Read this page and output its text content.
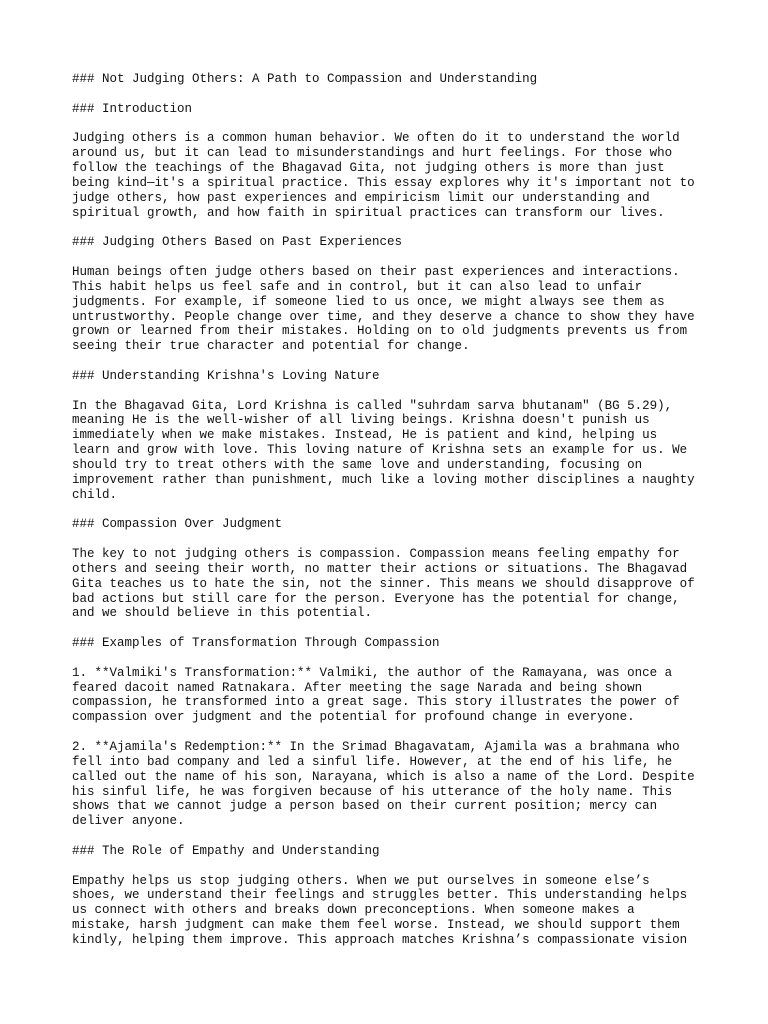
### Not Judging Others: A Path to Compassion and Understanding
### Introduction
Judging others is a common human behavior. We often do it to understand the world
around us, but it can lead to misunderstandings and hurt feelings. For those who
follow the teachings of the Bhagavad Gita, not judging others is more than just
being kind—it's a spiritual practice. This essay explores why it's important not to
judge others, how past experiences and empiricism limit our understanding and
spiritual growth, and how faith in spiritual practices can transform our lives.
### Judging Others Based on Past Experiences
Human beings often judge others based on their past experiences and interactions.
This habit helps us feel safe and in control, but it can also lead to unfair
judgments. For example, if someone lied to us once, we might always see them as
untrustworthy. People change over time, and they deserve a chance to show they have
grown or learned from their mistakes. Holding on to old judgments prevents us from
seeing their true character and potential for change.
### Understanding Krishna's Loving Nature
In the Bhagavad Gita, Lord Krishna is called "suhrdam sarva bhutanam" (BG 5.29),
meaning He is the well-wisher of all living beings. Krishna doesn't punish us
immediately when we make mistakes. Instead, He is patient and kind, helping us
learn and grow with love. This loving nature of Krishna sets an example for us. We
should try to treat others with the same love and understanding, focusing on
improvement rather than punishment, much like a loving mother disciplines a naughty
child.
### Compassion Over Judgment
The key to not judging others is compassion. Compassion means feeling empathy for
others and seeing their worth, no matter their actions or situations. The Bhagavad
Gita teaches us to hate the sin, not the sinner. This means we should disapprove of
bad actions but still care for the person. Everyone has the potential for change,
and we should believe in this potential.
### Examples of Transformation Through Compassion
1. **Valmiki's Transformation:** Valmiki, the author of the Ramayana, was once a
feared dacoit named Ratnakara. After meeting the sage Narada and being shown
compassion, he transformed into a great sage. This story illustrates the power of
compassion over judgment and the potential for profound change in everyone.
2. **Ajamila's Redemption:** In the Srimad Bhagavatam, Ajamila was a brahmana who
fell into bad company and led a sinful life. However, at the end of his life, he
called out the name of his son, Narayana, which is also a name of the Lord. Despite
his sinful life, he was forgiven because of his utterance of the holy name. This
shows that we cannot judge a person based on their current position; mercy can
deliver anyone.
### The Role of Empathy and Understanding
Empathy helps us stop judging others. When we put ourselves in someone else’s
shoes, we understand their feelings and struggles better. This understanding helps
us connect with others and breaks down preconceptions. When someone makes a
mistake, harsh judgment can make them feel worse. Instead, we should support them
kindly, helping them improve. This approach matches Krishna’s compassionate vision
